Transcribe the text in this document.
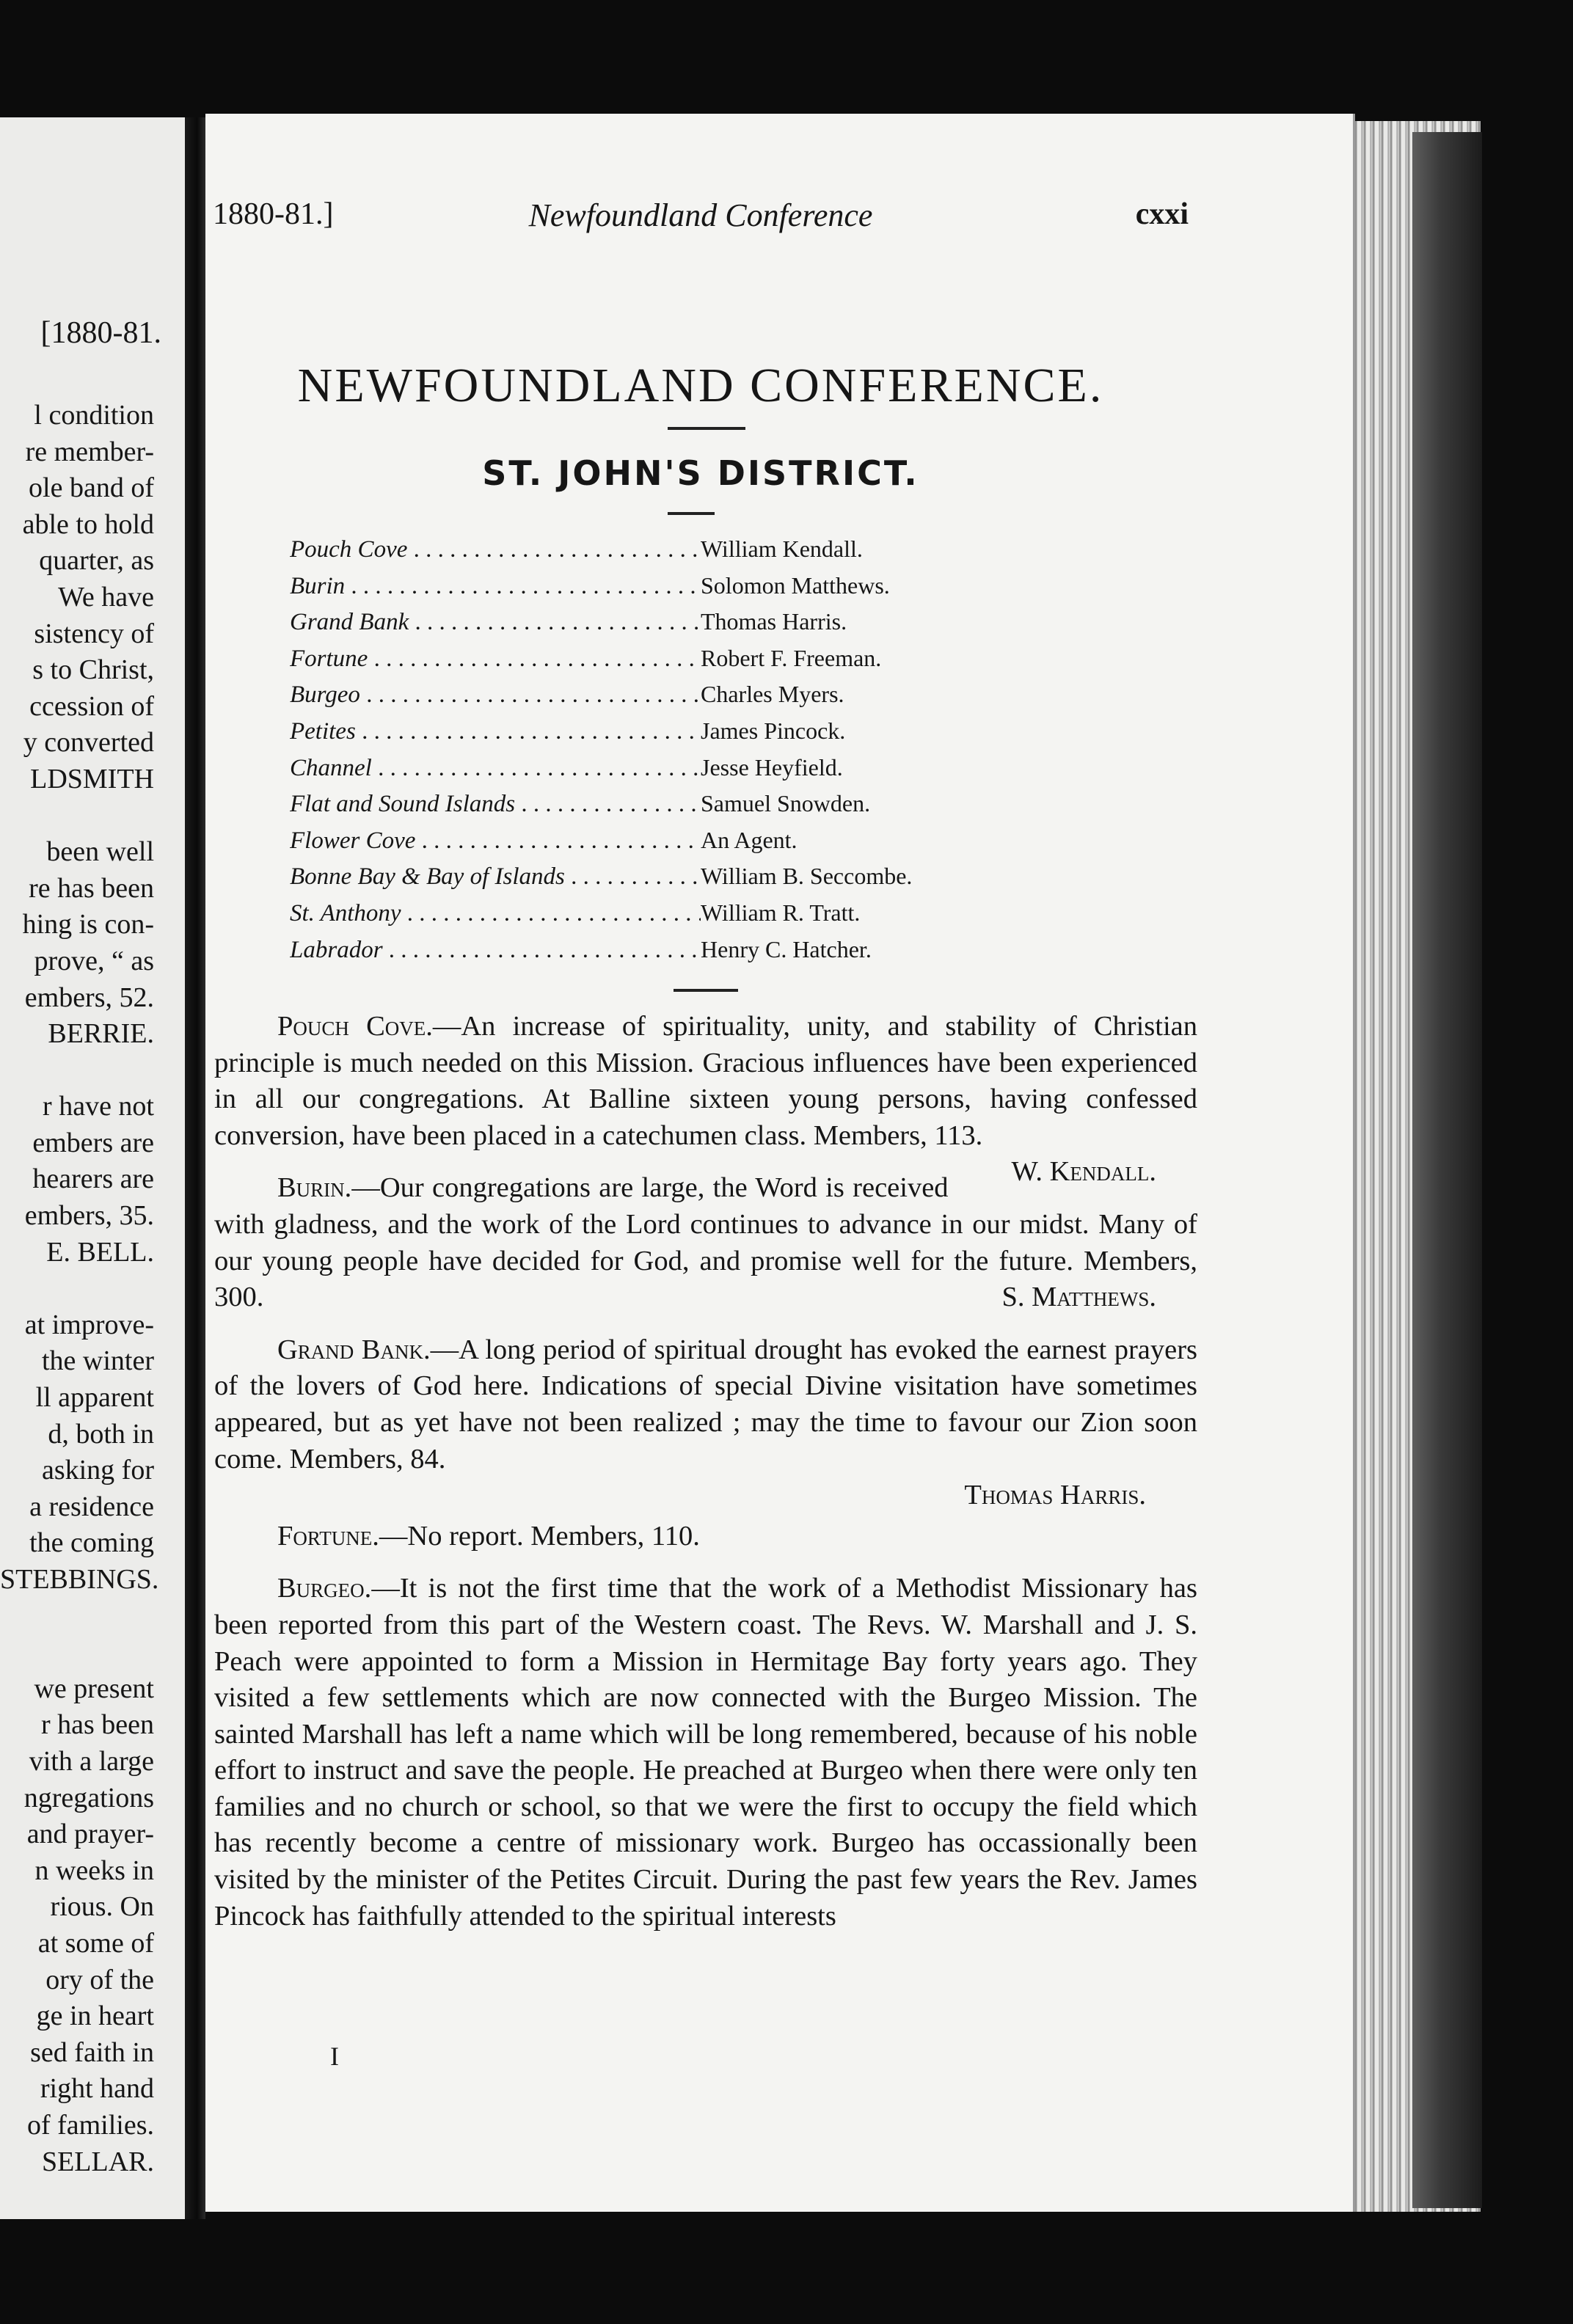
[1880-81.
l condition
re member-
ole band of
able to hold
quarter, as
We have
sistency of
s to Christ,
ccession of
y converted
LDSMITH
been well
re has been
hing is con-
prove, “ as
embers, 52.
BERRIE.
r have not
embers are
hearers are
embers, 35.
E. BELL.
at improve-
the winter
ll apparent
d, both in
asking for
a residence
the coming
STEBBINGS.
we present
r has been
vith a large
ngregations
and prayer-
n weeks in
rious. On
at some of
ory of the
ge in heart
sed faith in
right hand
of families.
SELLAR.
1880-81.]	Newfoundland Conference	cxxi
NEWFOUNDLAND CONFERENCE.
ST. JOHN'S DISTRICT.
Pouch Cove . . .	William Kendall.
Burin . . .	Solomon Matthews.
Grand Bank . . .	Thomas Harris.
Fortune . . .	Robert F. Freeman.
Burgeo . . .	Charles Myers.
Petites . . .	James Pincock.
Channel . . .	Jesse Heyfield.
Flat and Sound Islands . . .	Samuel Snowden.
Flower Cove . . .	An Agent.
Bonne Bay & Bay of Islands . . .	William B. Seccombe.
St. Anthony . . .	William R. Tratt.
Labrador . . .	Henry C. Hatcher.

Pouch Cove.—An increase of spirituality, unity, and stability of Christian principle is much needed on this Mission. Gracious influences have been experienced in all our congregations. At Balline sixteen young persons, having confessed conversion, have been placed in a catechumen class. Members, 113.
W. Kendall.

Burin.—Our congregations are large, the Word is received with gladness, and the work of the Lord continues to advance in our midst. Many of our young people have decided for God, and promise well for the future. Members, 300.	S. Matthews.

Grand Bank.—A long period of spiritual drought has evoked the earnest prayers of the lovers of God here. Indications of special Divine visitation have sometimes appeared, but as yet have not been realized ; may the time to favour our Zion soon come. Members, 84.

Thomas Harris.

Fortune.—No report. Members, 110.

Burgeo.—It is not the first time that the work of a Methodist Missionary has been reported from this part of the Western coast. The Revs. W. Marshall and J. S. Peach were appointed to form a Mission in Hermitage Bay forty years ago. They visited a few settlements which are now connected with the Burgeo Mission. The sainted Marshall has left a name which will be long remembered, because of his noble effort to instruct and save the people. He preached at Burgeo when there were only ten families and no church or school, so that we were the first to occupy the field which has recently become a centre of missionary work. Burgeo has occassionally been visited by the minister of the Petites Circuit. During the past few years the Rev. James Pincock has faithfully attended to the spiritual interests

I
